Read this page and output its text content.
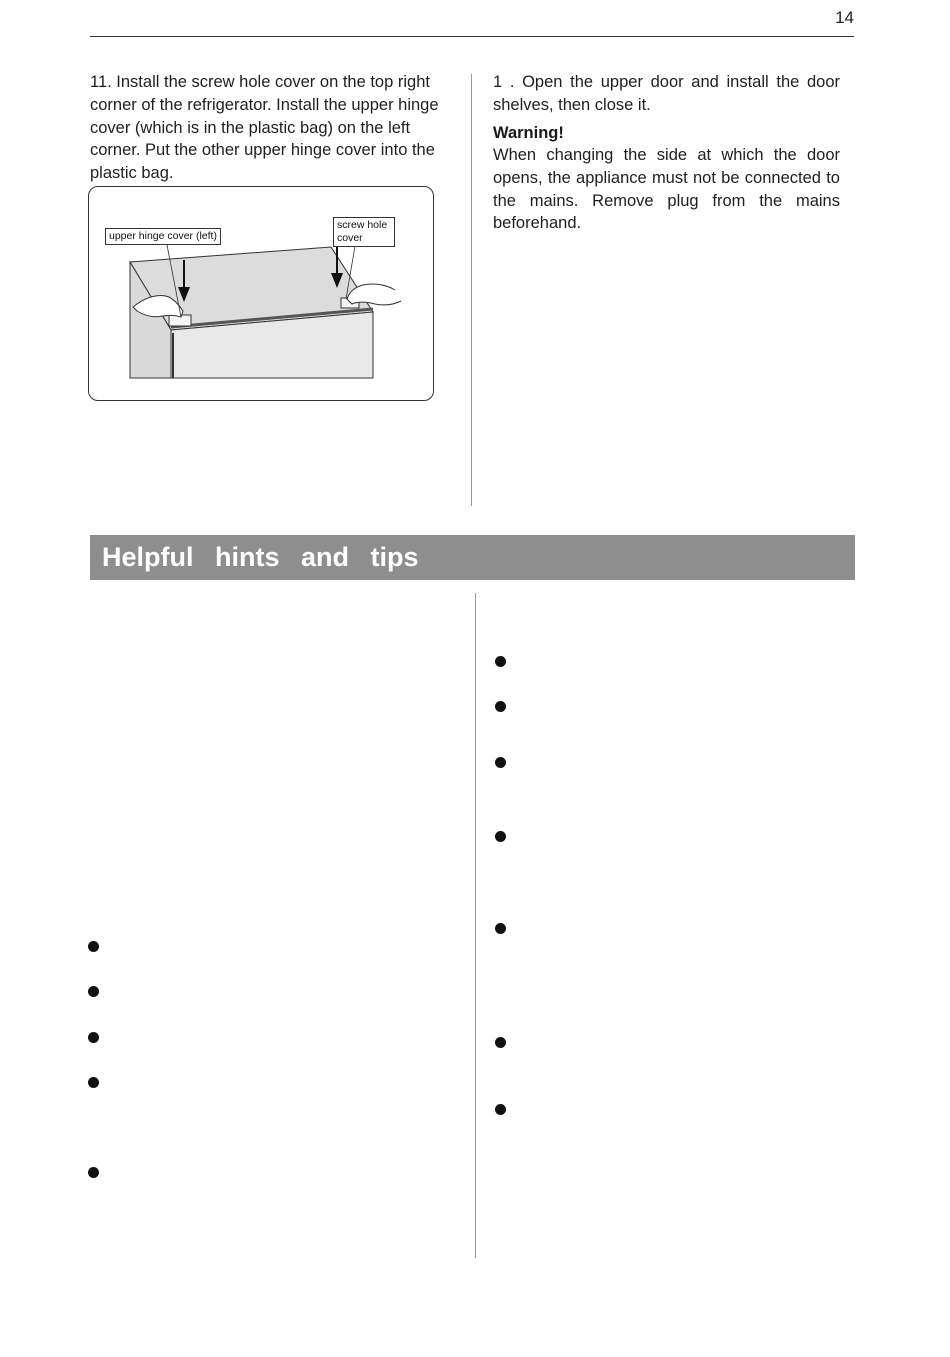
14

11. Install the screw hole cover on the top right corner of the refrigerator. Install the upper hinge cover (which is in the plastic bag) on the left corner. Put the other upper hinge cover into the plastic bag.

1 . Open the upper door and install the door shelves, then close it.

Warning!

When changing the side at which the door opens, the appliance must not be connected to the mains. Remove plug from the mains beforehand.

upper hinge cover (left)
screw hole cover
Helpful hints and tips
